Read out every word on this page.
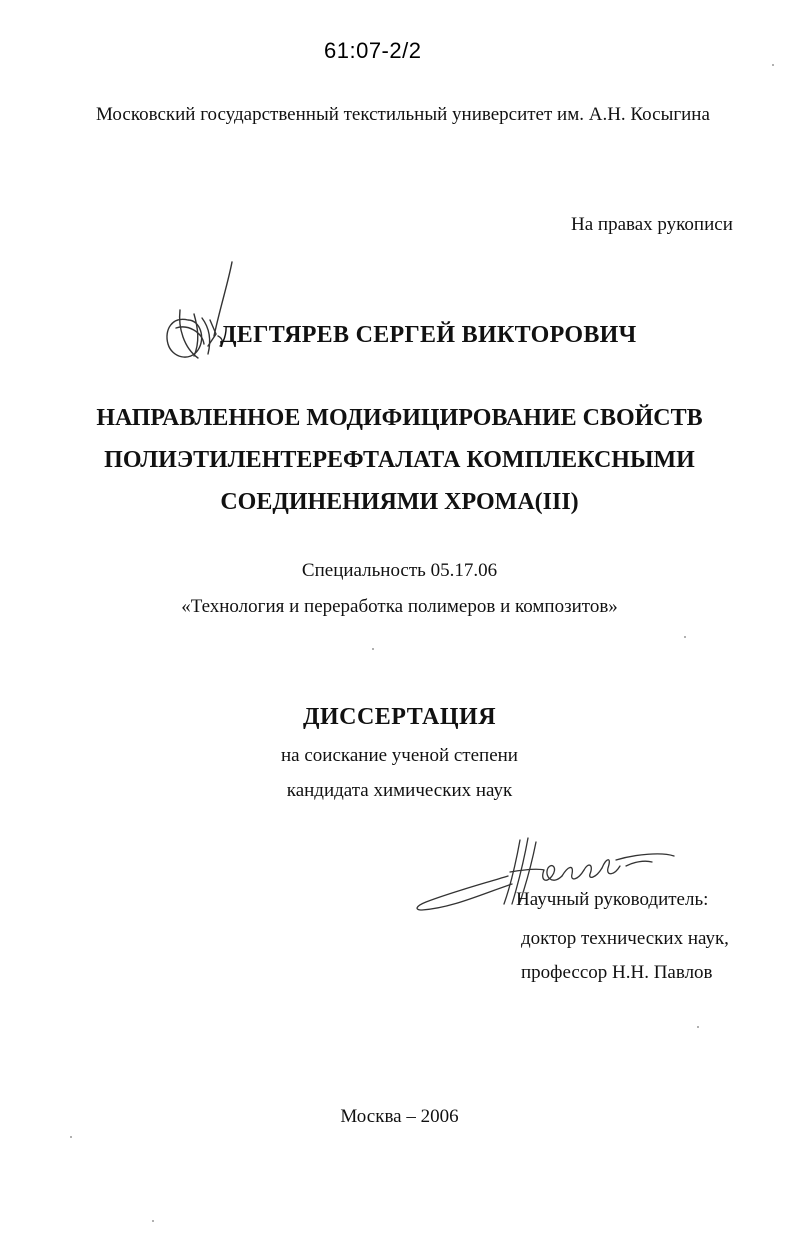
61:07-2/2
Московский государственный текстильный университет им. А.Н. Косыгина
На правах рукописи
ДЕГТЯРЕВ СЕРГЕЙ ВИКТОРОВИЧ
НАПРАВЛЕННОЕ МОДИФИЦИРОВАНИЕ СВОЙСТВ
ПОЛИЭТИЛЕНТЕРЕФТАЛАТА КОМПЛЕКСНЫМИ
СОЕДИНЕНИЯМИ ХРОМА(III)
Специальность 05.17.06
«Технология и переработка полимеров и композитов»
ДИССЕРТАЦИЯ
на соискание ученой степени
кандидата химических наук
Научный руководитель:
доктор технических наук,
профессор Н.Н. Павлов
Москва – 2006
